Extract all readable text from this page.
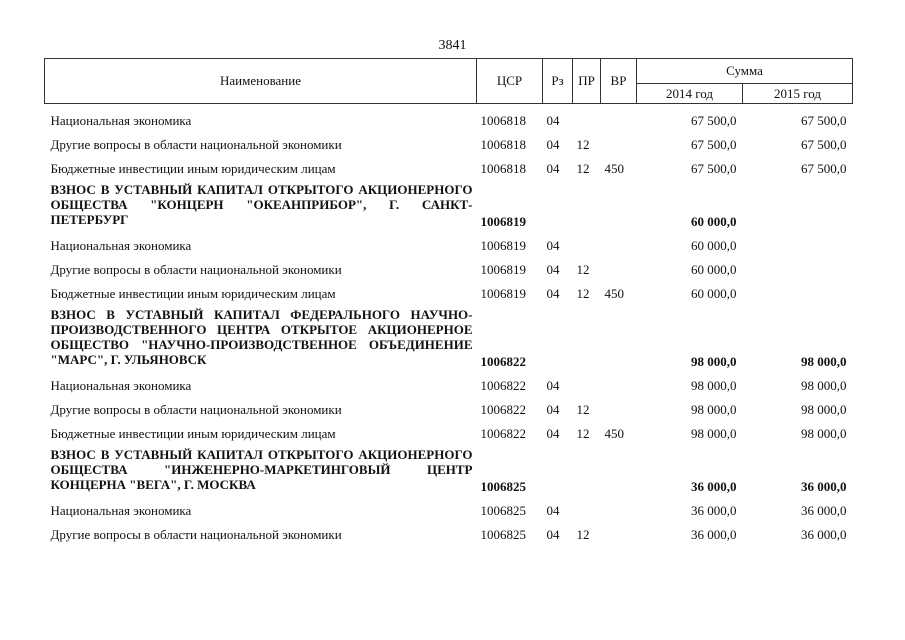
3841
Наименование	ЦСР	Рз	ПР	ВР	Сумма	
					2014 год	2015 год
Национальная экономика	1006818	04			67 500,0	67 500,0
Другие вопросы в области национальной экономики	1006818	04	12		67 500,0	67 500,0
Бюджетные инвестиции иным юридическим лицам	1006818	04	12	450	67 500,0	67 500,0
ВЗНОС В УСТАВНЫЙ КАПИТАЛ ОТКРЫТОГО АКЦИОНЕРНОГО ОБЩЕСТВА "КОНЦЕРН "ОКЕАНПРИБОР", Г. САНКТ-ПЕТЕРБУРГ	1006819				60 000,0	
Национальная экономика	1006819	04			60 000,0	
Другие вопросы в области национальной экономики	1006819	04	12		60 000,0	
Бюджетные инвестиции иным юридическим лицам	1006819	04	12	450	60 000,0	
ВЗНОС В УСТАВНЫЙ КАПИТАЛ ФЕДЕРАЛЬНОГО НАУЧНО-ПРОИЗВОДСТВЕННОГО ЦЕНТРА ОТКРЫТОЕ АКЦИОНЕРНОЕ ОБЩЕСТВО "НАУЧНО-ПРОИЗВОДСТВЕННОЕ ОБЪЕДИНЕНИЕ "МАРС", Г. УЛЬЯНОВСК	1006822				98 000,0	98 000,0
Национальная экономика	1006822	04			98 000,0	98 000,0
Другие вопросы в области национальной экономики	1006822	04	12		98 000,0	98 000,0
Бюджетные инвестиции иным юридическим лицам	1006822	04	12	450	98 000,0	98 000,0
ВЗНОС В УСТАВНЫЙ КАПИТАЛ ОТКРЫТОГО АКЦИОНЕРНОГО ОБЩЕСТВА "ИНЖЕНЕРНО-МАРКЕТИНГОВЫЙ ЦЕНТР КОНЦЕРНА "ВЕГА", Г. МОСКВА	1006825				36 000,0	36 000,0
Национальная экономика	1006825	04			36 000,0	36 000,0
Другие вопросы в области национальной экономики	1006825	04	12		36 000,0	36 000,0
